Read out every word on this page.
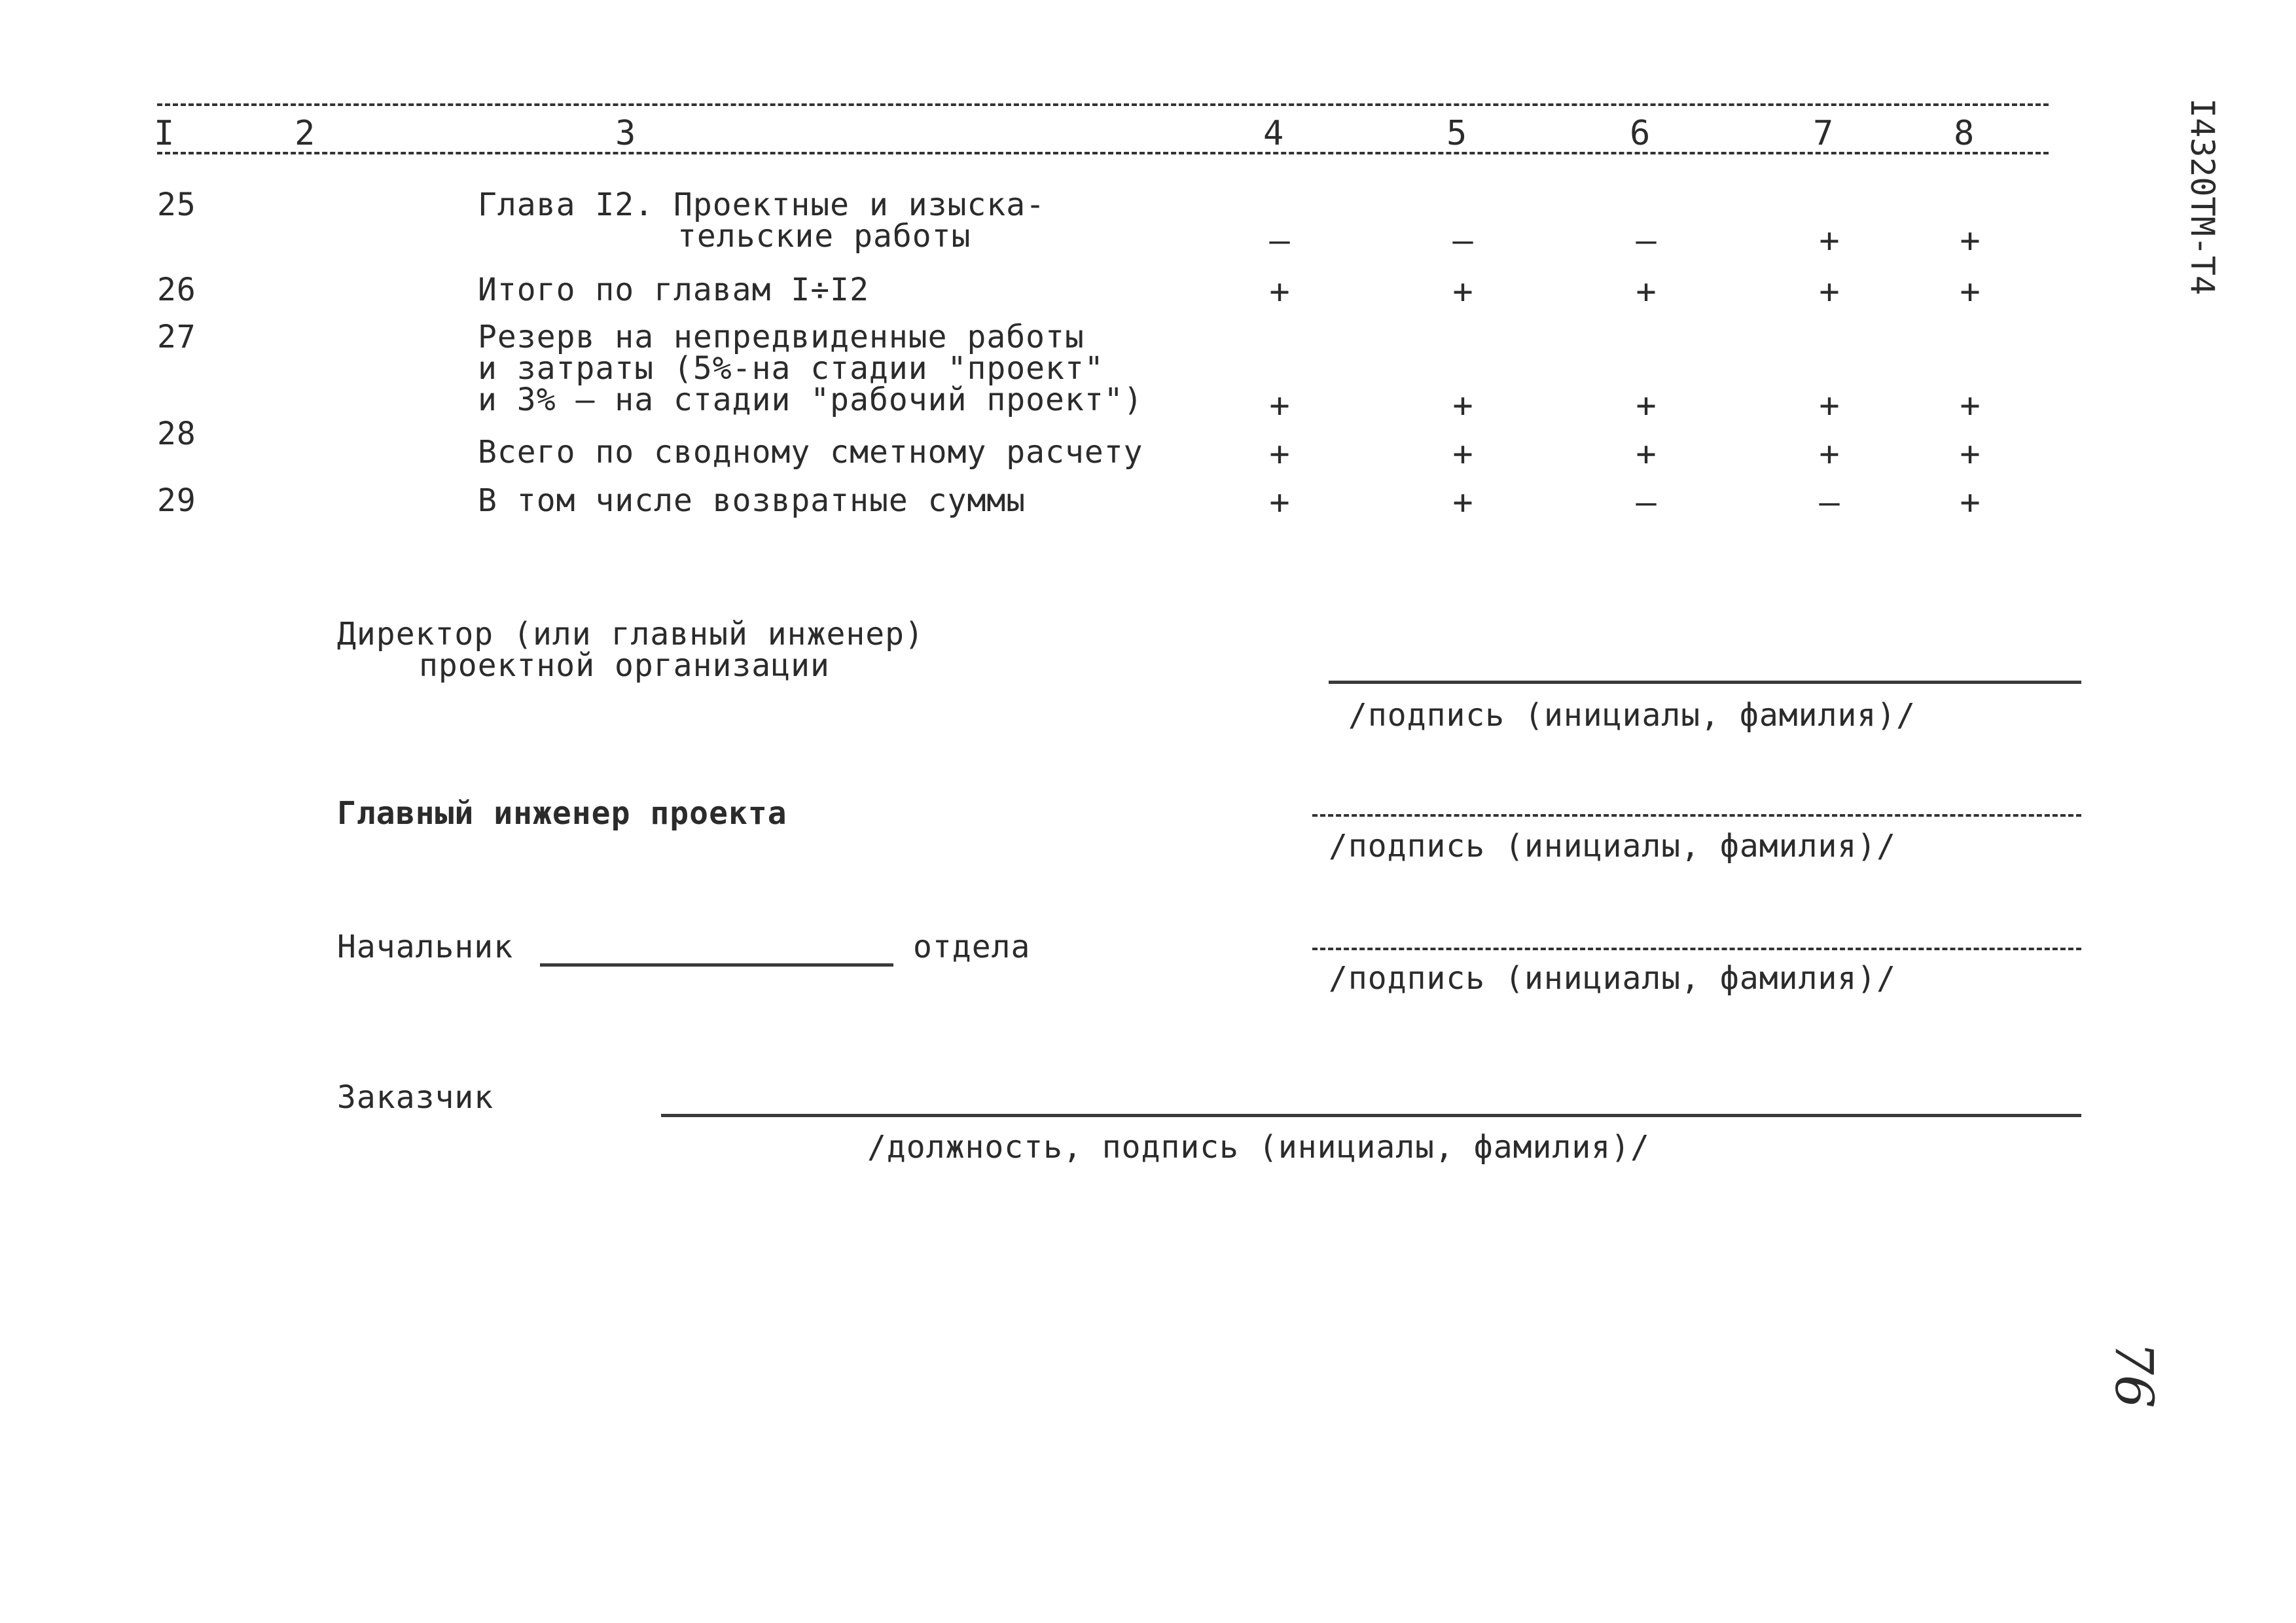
I4320TM-T4
I	2	3	4	5	6	7	8
25	Глава I2. Проектные и изыска-
тельские работы	–	–	–	+	+
26	Итого по главам I÷I2	+	+	+	+	+
27	Резерв на непредвиденные работы
и затраты (5%-на стадии "проект"
и 3% – на стадии "рабочий проект")	+	+	+	+	+
28	Всего по сводному сметному расчету	+	+	+	+	+
29	В том числе возвратные суммы	+	+	–	–	+
Директор (или главный инженер)
проектной организации
/подпись (инициалы, фамилия)/
Главный инженер проекта
/подпись (инициалы, фамилия)/
Начальник	отдела
/подпись (инициалы, фамилия)/
Заказчик
/должность, подпись (инициалы, фамилия)/
76
